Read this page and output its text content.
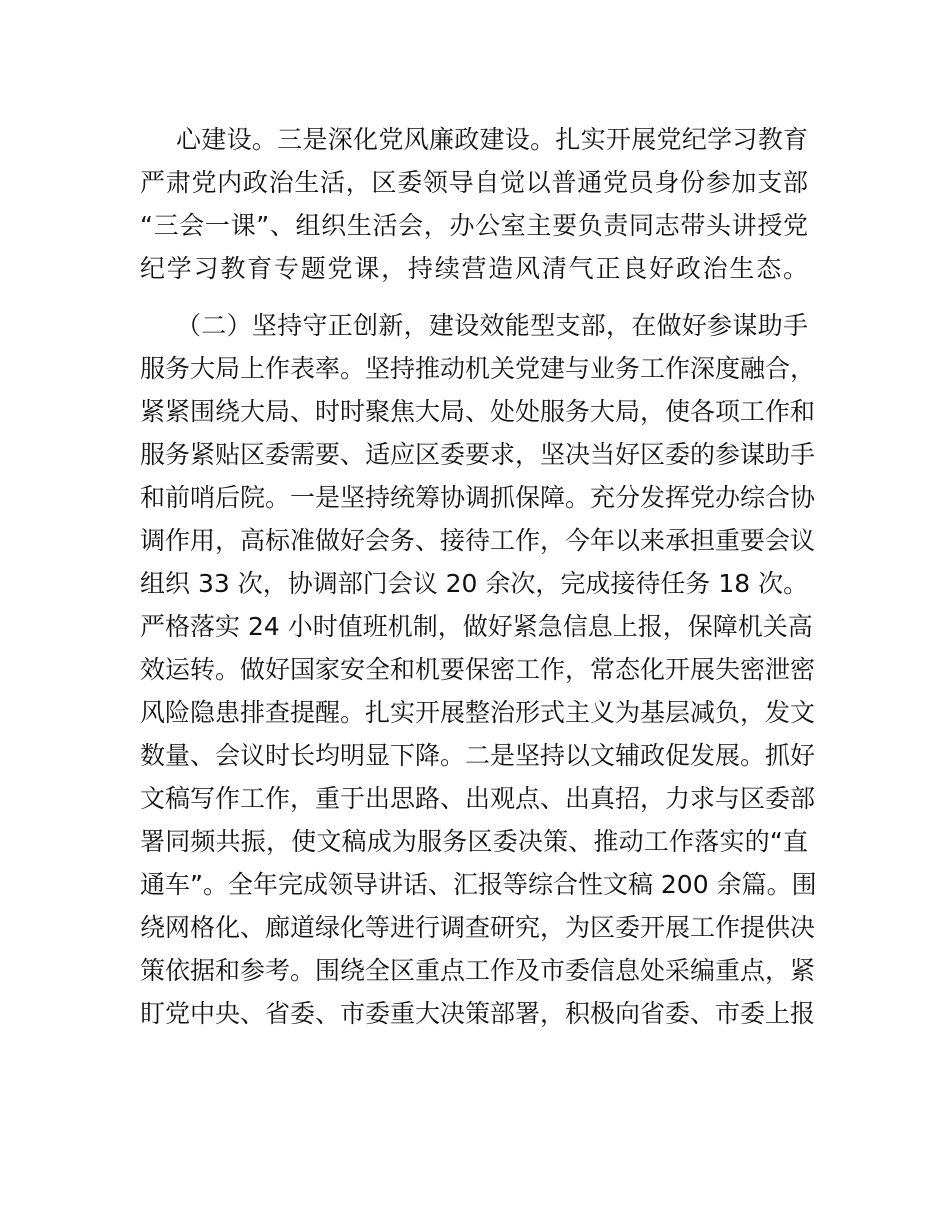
心建设。三是深化党风廉政建设。扎实开展党纪学习教育
严肃党内政治生活，区委领导自觉以普通党员身份参加支部
“三会一课”、组织生活会，办公室主要负责同志带头讲授党
纪学习教育专题党课，持续营造风清气正良好政治生态。
（二）坚持守正创新，建设效能型支部，在做好参谋助手
服务大局上作表率。坚持推动机关党建与业务工作深度融合，
紧紧围绕大局、时时聚焦大局、处处服务大局，使各项工作和
服务紧贴区委需要、适应区委要求，坚决当好区委的参谋助手
和前哨后院。一是坚持统筹协调抓保障。充分发挥党办综合协
调作用，高标准做好会务、接待工作，今年以来承担重要会议
组织 33 次，协调部门会议 20 余次，完成接待任务 18 次。
严格落实 24 小时值班机制，做好紧急信息上报，保障机关高
效运转。做好国家安全和机要保密工作，常态化开展失密泄密
风险隐患排查提醒。扎实开展整治形式主义为基层减负，发文
数量、会议时长均明显下降。二是坚持以文辅政促发展。抓好
文稿写作工作，重于出思路、出观点、出真招，力求与区委部
署同频共振，使文稿成为服务区委决策、推动工作落实的“直
通车”。全年完成领导讲话、汇报等综合性文稿 200 余篇。围
绕网格化、廊道绿化等进行调查研究，为区委开展工作提供决
策依据和参考。围绕全区重点工作及市委信息处采编重点，紧
盯党中央、省委、市委重大决策部署，积极向省委、市委上报
